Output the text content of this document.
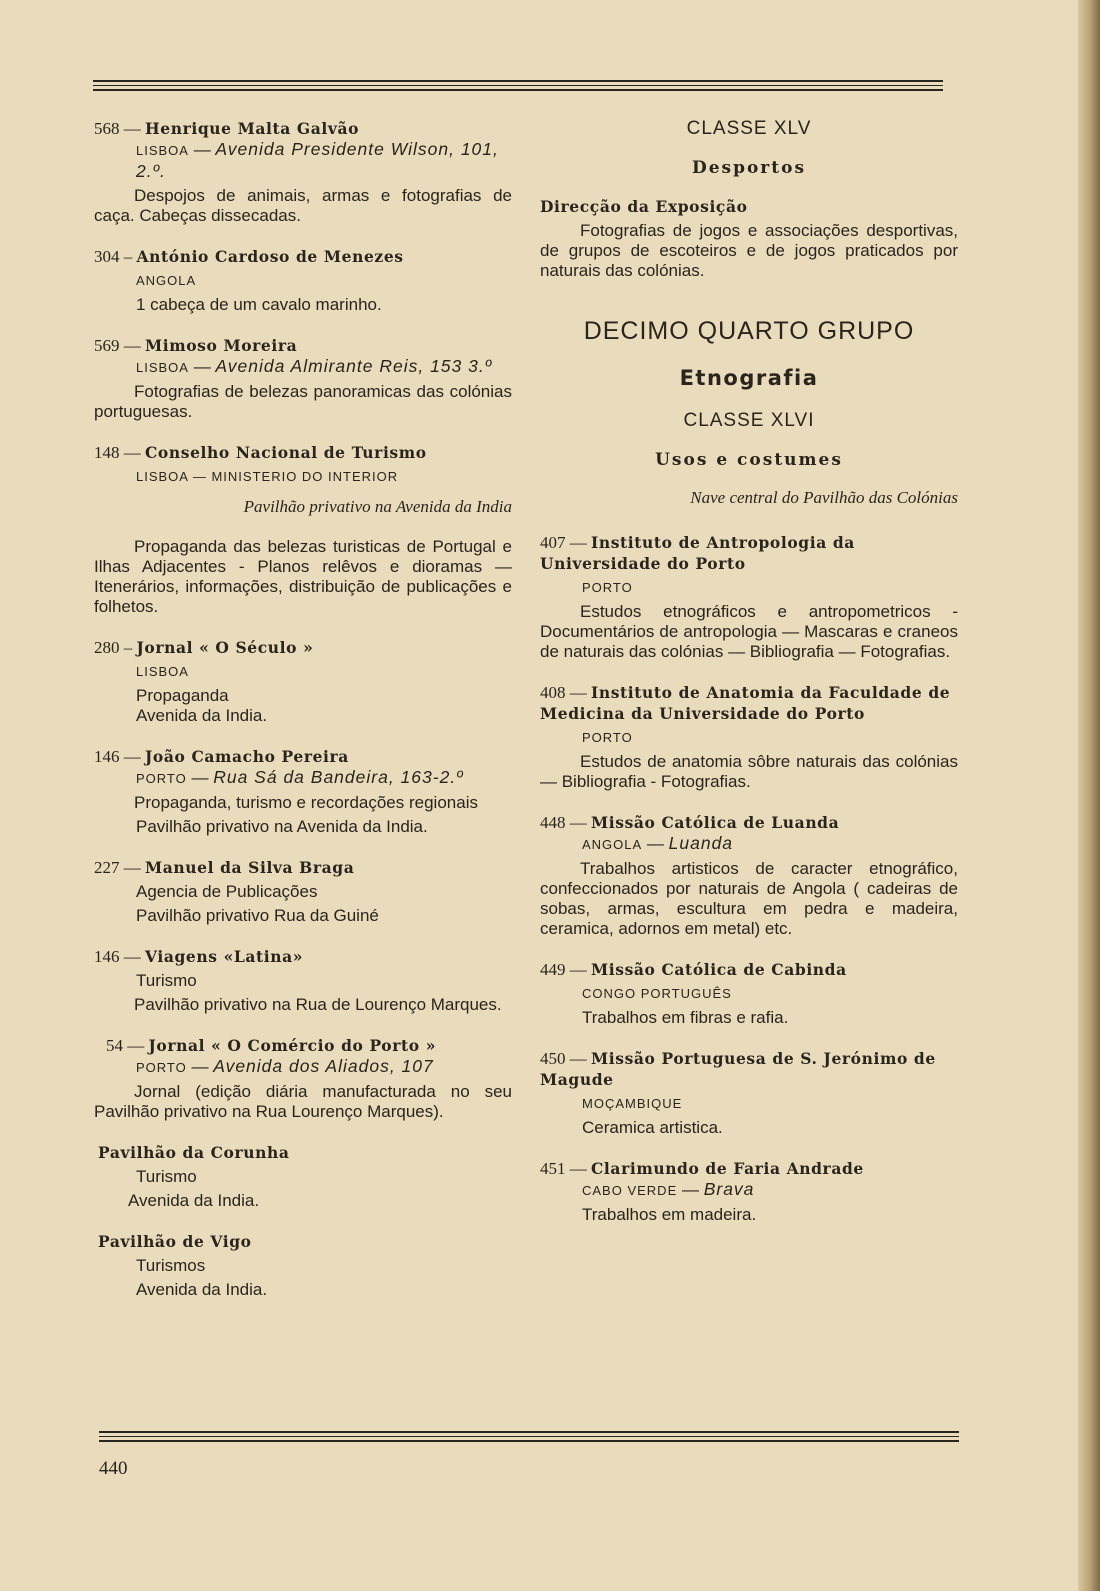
568 — Henrique Malta Galvão
LISBOA — Avenida Presidente Wilson, 101, 2.º.

Despojos de animais, armas e fotografias de caça. Cabeças dissecadas.

304 – António Cardoso de Menezes
ANGOLA
1 cabeça de um cavalo marinho.
569 — Mimoso Moreira
LISBOA — Avenida Almirante Reis, 153 3.º

Fotografias de belezas panoramicas das colónias portuguesas.

148 — Conselho Nacional de Turismo
LISBOA — MINISTERIO DO INTERIOR
Pavilhão privativo na Avenida da India

Propaganda das belezas turisticas de Portugal e Ilhas Adjacentes - Planos relêvos e dioramas — Itenerários, informações, distribuição de publicações e folhetos.

280 – Jornal « O Século »
LISBOA
Propaganda
Avenida da India.
146 — João Camacho Pereira
PORTO — Rua Sá da Bandeira, 163-2.º

Propaganda, turismo e recordações regionais

Pavilhão privativo na Avenida da India.
227 — Manuel da Silva Braga
Agencia de Publicações
Pavilhão privativo Rua da Guiné
146 — Viagens «Latina»
Turismo

Pavilhão privativo na Rua de Lourenço Marques.

54 — Jornal « O Comércio do Porto »
PORTO — Avenida dos Aliados, 107

Jornal (edição diária manufacturada no seu Pavilhão privativo na Rua Lourenço Marques).

Pavilhão da Corunha
Turismo
Avenida da India.
Pavilhão de Vigo
Turismos
Avenida da India.
CLASSE XLV
Desportos
Direcção da Exposição

Fotografias de jogos e associações desportivas, de grupos de escoteiros e de jogos praticados por naturais das colónias.

DECIMO QUARTO GRUPO
Etnografia
CLASSE XLVI
Usos e costumes
Nave central do Pavilhão das Colónias
407 — Instituto de Antropologia da Universidade do Porto
PORTO

Estudos etnográficos e antropometricos - Documentários de antropologia — Mascaras e craneos de naturais das colónias — Bibliografia — Fotografias.

408 — Instituto de Anatomia da Faculdade de Medicina da Universidade do Porto
PORTO

Estudos de anatomia sôbre naturais das colónias — Bibliografia - Fotografias.

448 — Missão Católica de Luanda
ANGOLA — Luanda

Trabalhos artisticos de caracter etnográfico, confeccionados por naturais de Angola ( cadeiras de sobas, armas, escultura em pedra e madeira, ceramica, adornos em metal) etc.

449 — Missão Católica de Cabinda
CONGO PORTUGUÊS
Trabalhos em fibras e rafia.
450 — Missão Portuguesa de S. Jerónimo de Magude
MOÇAMBIQUE
Ceramica artistica.
451 — Clarimundo de Faria Andrade
CABO VERDE — Brava
Trabalhos em madeira.
440
